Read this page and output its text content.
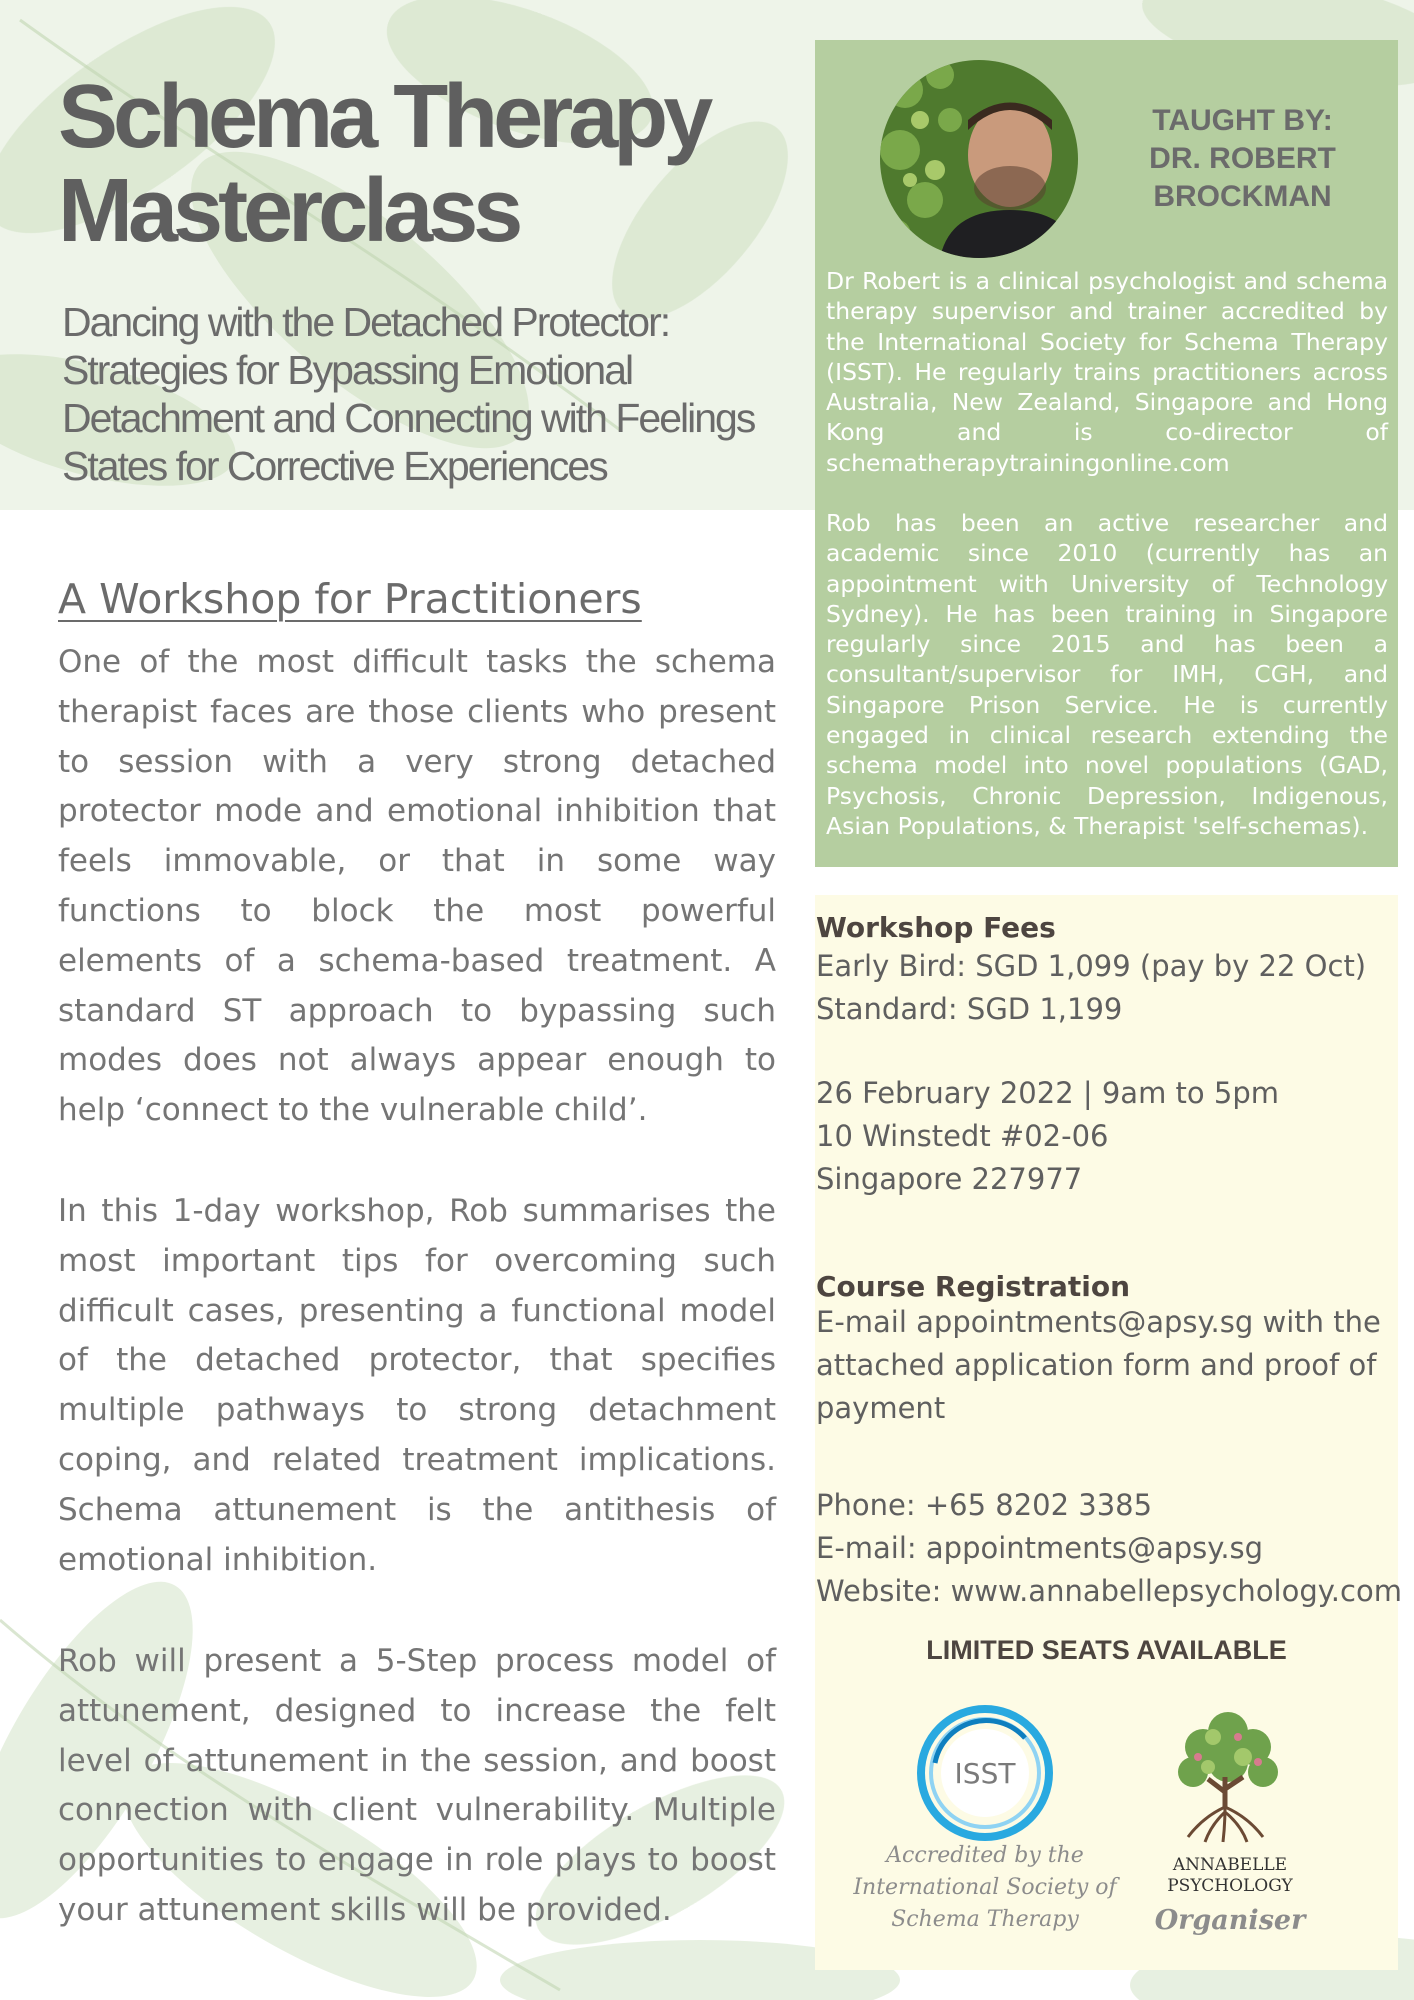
Schema Therapy
Masterclass
Dancing with the Detached Protector:
Strategies for Bypassing Emotional
Detachment and Connecting with Feelings
States for Corrective Experiences
A Workshop for Practitioners

One of the most difficult tasks the schema therapist faces are those clients who present to session with a very strong detached protector mode and emotional inhibition that feels immovable, or that in some way functions to block the most powerful elements of a schema-based treatment. A standard ST approach to bypassing such modes does not always appear enough to help ‘connect to the vulnerable child’.

In this 1-day workshop, Rob summarises the most important tips for overcoming such difficult cases, presenting a functional model of the detached protector, that specifies multiple pathways to strong detachment coping, and related treatment implications. Schema attunement is the antithesis of emotional inhibition.

Rob will present a 5-Step process model of attunement, designed to increase the felt level of attunement in the session, and boost connection with client vulnerability. Multiple opportunities to engage in role plays to boost your attunement skills will be provided.

TAUGHT BY:
DR. ROBERT
BROCKMAN

Dr Robert is a clinical psychologist and schema therapy supervisor and trainer accredited by the International Society for Schema Therapy (ISST). He regularly trains practitioners across Australia, New Zealand, Singapore and Hong Kong and is co-director of schematherapytrainingonline.com

Rob has been an active researcher and academic since 2010 (currently has an appointment with University of Technology Sydney). He has been training in Singapore regularly since 2015 and has been a consultant/supervisor for IMH, CGH, and Singapore Prison Service. He is currently engaged in clinical research extending the schema model into novel populations (GAD, Psychosis, Chronic Depression, Indigenous, Asian Populations, & Therapist 'self-schemas).

Workshop Fees
Early Bird: SGD 1,099 (pay by 22 Oct)
Standard: SGD 1,199
26 February 2022 | 9am to 5pm
10 Winstedt #02-06
Singapore 227977
Course Registration
E-mail appointments@apsy.sg with the
attached application form and proof of
payment
Phone: +65 8202 3385
E-mail: appointments@apsy.sg
Website: www.annabellepsychology.com
LIMITED SEATS AVAILABLE
ISST
Accredited by the
International Society of
Schema Therapy
ANNABELLE
PSYCHOLOGY
Organiser
